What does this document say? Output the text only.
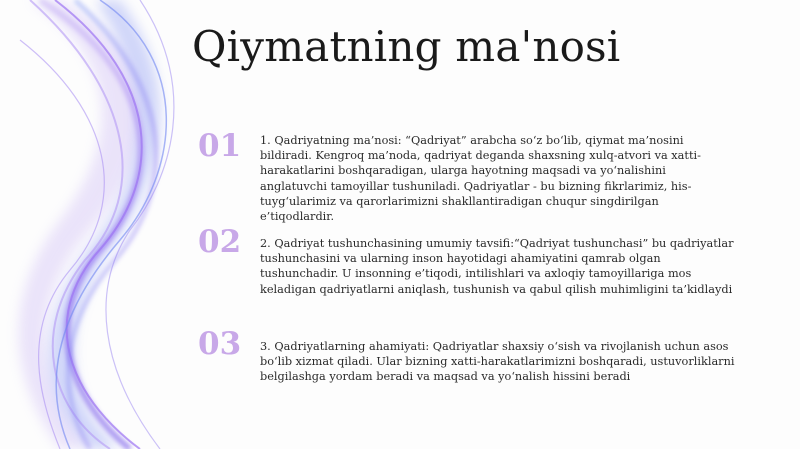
Qiymatning ma'nosi
01 1. Qadriyatning ma’nosi: “Qadriyat” arabcha so‘z bo‘lib, qiymat ma’nosini bildiradi. Kengroq ma’noda, qadriyat deganda shaxsning xulq-atvori va xatti-harakatlarini boshqaradigan, ularga hayotning maqsadi va yo‘nalishini anglatuvchi tamoyillar tushuniladi. Qadriyatlar - bu bizning fikrlarimiz, his-tuyg‘ularimiz va qarorlarimizni shakllantiradigan chuqur singdirilgan e’tiqodlardir.
02 2. Qadriyat tushunchasining umumiy tavsifi:“Qadriyat tushunchasi” bu qadriyatlar tushunchasini va ularning inson hayotidagi ahamiyatini qamrab olgan tushunchadir. U insonning e’tiqodi, intilishlari va axloqiy tamoyillariga mos keladigan qadriyatlarni aniqlash, tushunish va qabul qilish muhimligini ta’kidlaydi
03 3. Qadriyatlarning ahamiyati: Qadriyatlar shaxsiy o‘sish va rivojlanish uchun asos bo‘lib xizmat qiladi. Ular bizning xatti-harakatlarimizni boshqaradi, ustuvorliklarni belgilashga yordam beradi va maqsad va yo‘nalish hissini beradi
